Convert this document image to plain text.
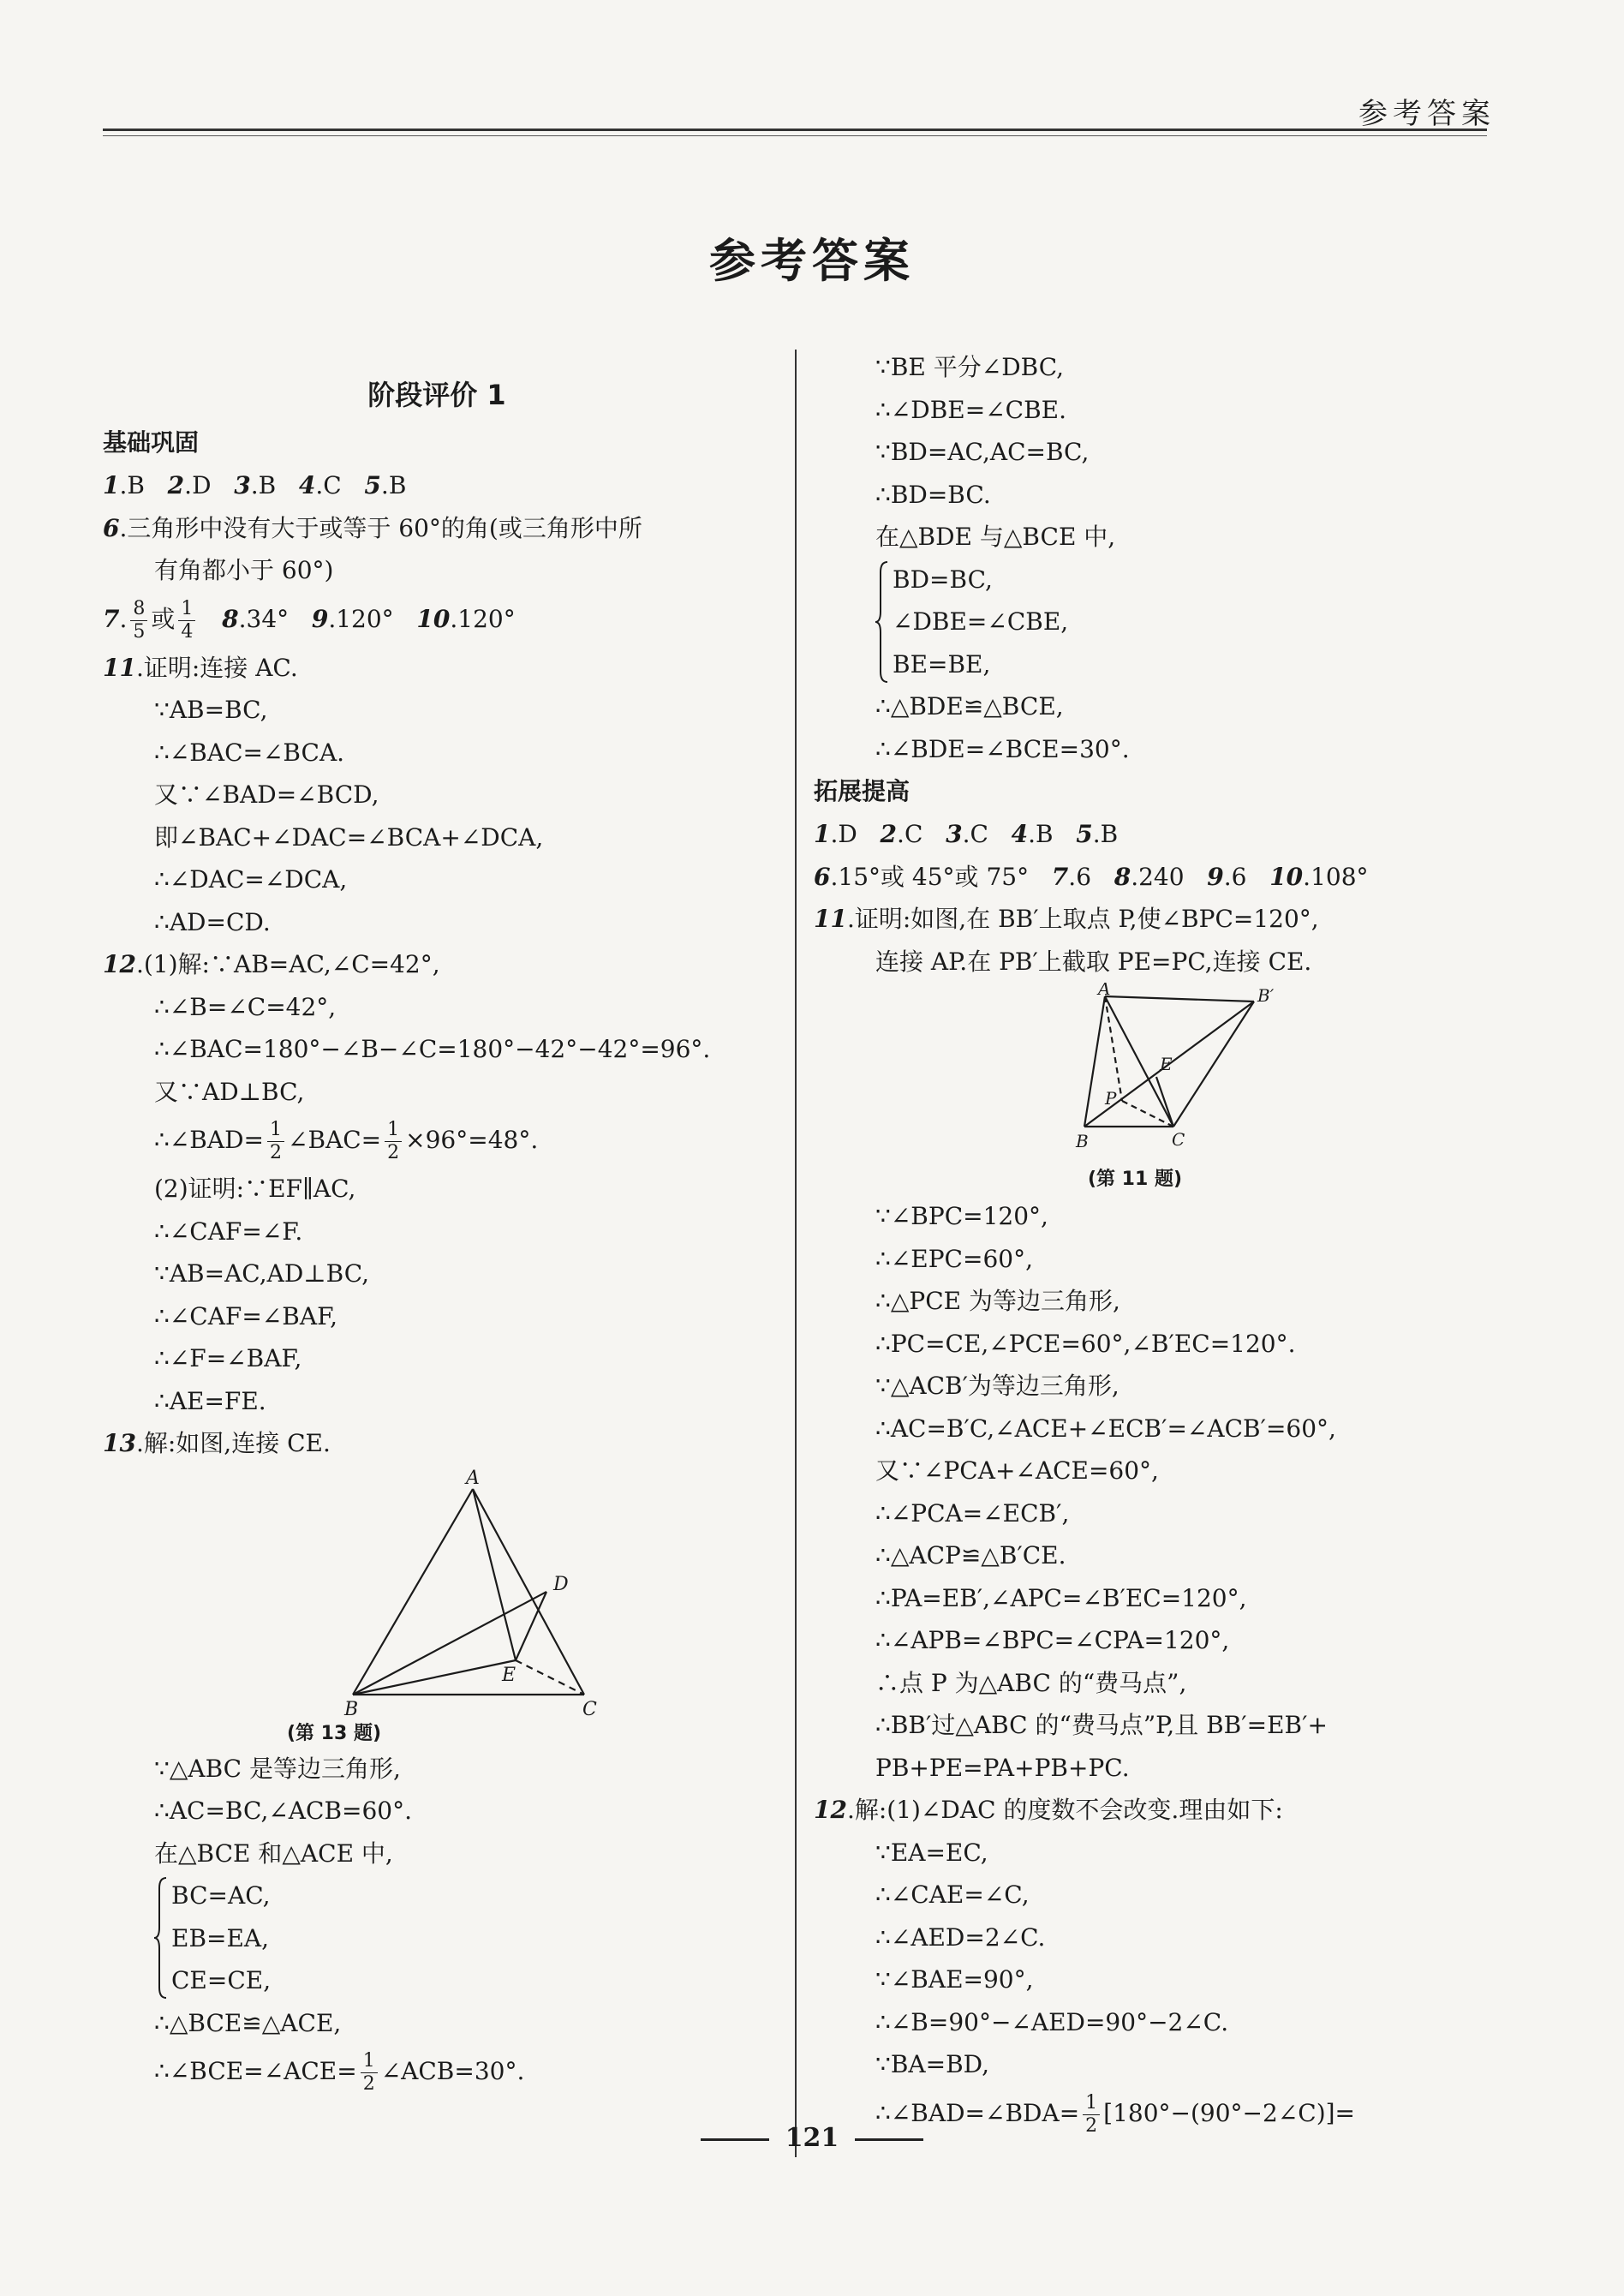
参考答案
参考答案
阶段评价 1
基础巩固
1.B 2.D 3.B 4.C 5.B
6.三角形中没有大于或等于 60°的角(或三角形中所
有角都小于 60°)
7. $\frac{8}{5}$ 或 $\frac{1}{4} 8.34^\circ$ 9.120° 10.120°
11.证明:连接 AC.
∵AB=BC,
∴∠BAC=∠BCA.
又∵∠BAD=∠BCD,
即∠BAC+∠DAC=∠BCA+∠DCA,
∴∠DAC=∠DCA,
∴AD=CD.
12.(1)解:∵AB=AC,∠C=42°,
∴∠B=∠C=42°,
∴∠BAC=180°−∠B−∠C=180°−42°−42°=96°.
又∵AD⊥BC,
∴∠BAD= $\frac{1}{2}$ ∠BAC= $\frac{1}{2} \times 96^\circ=48^\circ$.
(2)证明:∵EF∥AC,
∴∠CAF=∠F.
∵AB=AC,AD⊥BC,
∴∠CAF=∠BAF,
∴∠F=∠BAF,
∴AE=FE.
13.解:如图,连接 CE.
A
B	C
D
E
(第 13 题)
∵△ABC 是等边三角形,
∴AC=BC,∠ACB=60°.
在△BCE 和△ACE 中,
BC=AC,
EB=EA,
CE=CE,
∴△BCE≌△ACE,
∴∠BCE=∠ACE= $\frac{1}{2}$ ∠ACB=30°.
∵BE 平分∠DBC,
∴∠DBE=∠CBE.
∵BD=AC,AC=BC,
∴BD=BC.
在△BDE 与△BCE 中,
BD=BC,
∠DBE=∠CBE,
BE=BE,
∴△BDE≌△BCE,
∴∠BDE=∠BCE=30°.
拓展提高
1.D 2.C 3.C 4.B 5.B
6.15°或 45°或 75° 7.6 8.240 9.6 10.108°
11.证明:如图,在 BB′上取点 P,使∠BPC=120°,
连接 AP.在 PB′上截取 PE=PC,连接 CE.
A	B′
E
P
B	C
(第 11 题)
∵∠BPC=120°,
∴∠EPC=60°,
∴△PCE 为等边三角形,
∴PC=CE,∠PCE=60°,∠B′EC=120°.
∵△ACB′为等边三角形,
∴AC=B′C,∠ACE+∠ECB′=∠ACB′=60°,
又∵∠PCA+∠ACE=60°,
∴∠PCA=∠ECB′,
∴△ACP≌△B′CE.
∴PA=EB′,∠APC=∠B′EC=120°,
∴∠APB=∠BPC=∠CPA=120°,
∴点 P 为△ABC 的“费马点”,
∴BB′过△ABC 的“费马点”P,且 BB′=EB′+
PB+PE=PA+PB+PC.
12.解:(1)∠DAC 的度数不会改变.理由如下:
∵EA=EC,
∴∠CAE=∠C,
∴∠AED=2∠C.
∵∠BAE=90°,
∴∠B=90°−∠AED=90°−2∠C.
∵BA=BD,
∴∠BAD=∠BDA= $\frac{1}{2}$ [180°−(90°−2∠C)]=
121
